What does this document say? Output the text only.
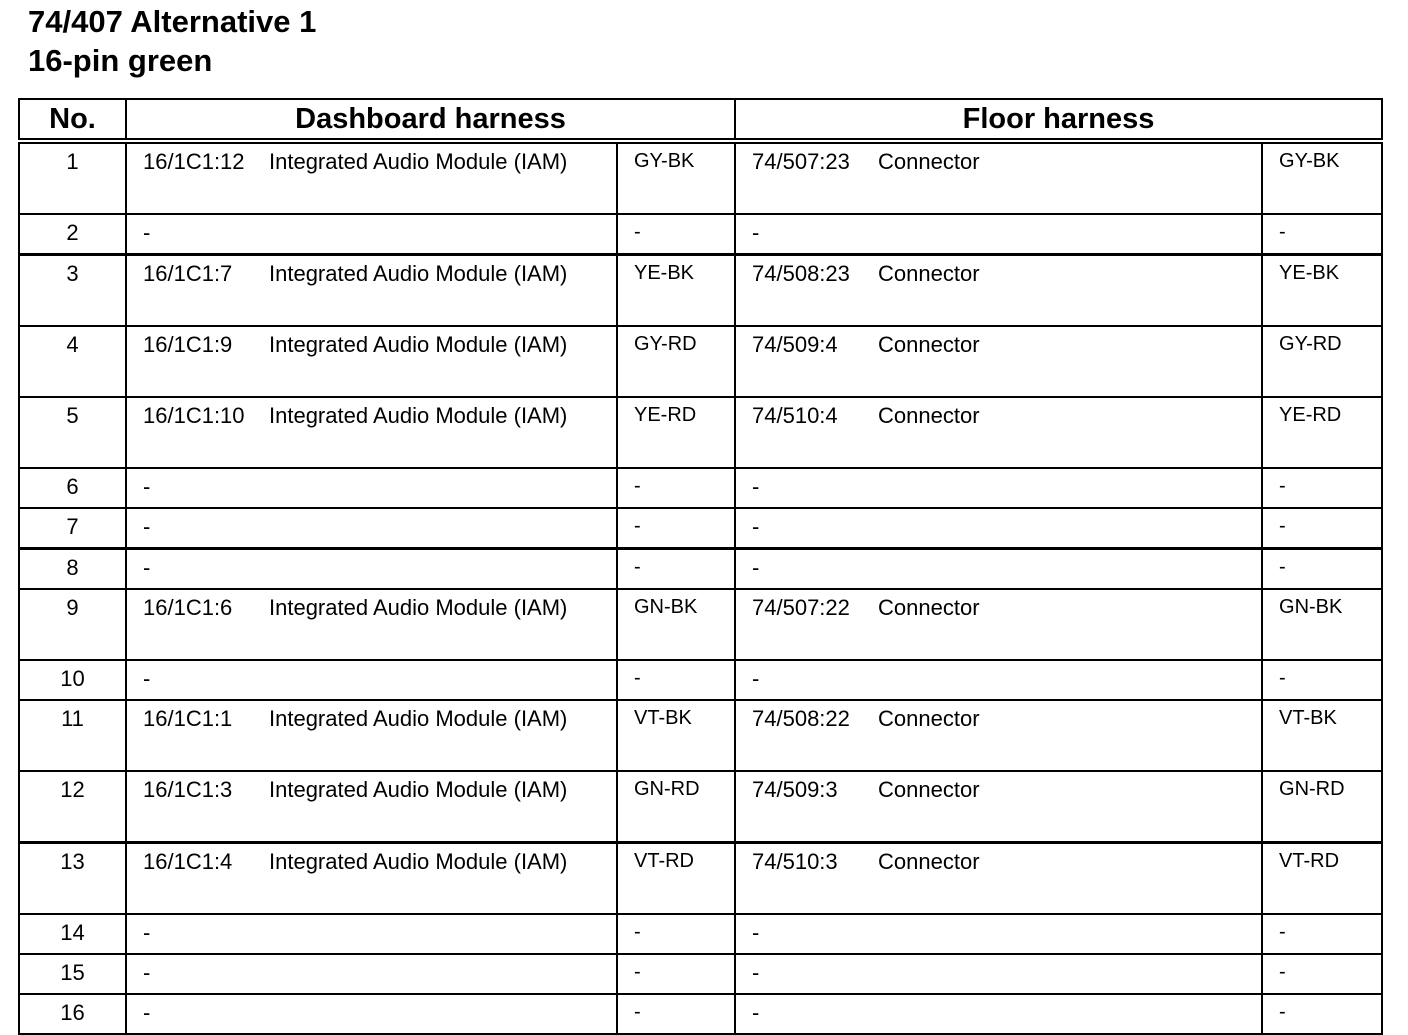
74/407 Alternative 1
16-pin green
No.	Dashboard harness		Floor harness	
1	16/1C1:12 Integrated Audio Module (IAM)	GY-BK	74/507:23 Connector	GY-BK
2	-	-	-	-
3	16/1C1:7 Integrated Audio Module (IAM)	YE-BK	74/508:23 Connector	YE-BK
4	16/1C1:9 Integrated Audio Module (IAM)	GY-RD	74/509:4 Connector	GY-RD
5	16/1C1:10 Integrated Audio Module (IAM)	YE-RD	74/510:4 Connector	YE-RD
6	-	-	-	-
7	-	-	-	-
8	-	-	-	-
9	16/1C1:6 Integrated Audio Module (IAM)	GN-BK	74/507:22 Connector	GN-BK
10	-	-	-	-
11	16/1C1:1 Integrated Audio Module (IAM)	VT-BK	74/508:22 Connector	VT-BK
12	16/1C1:3 Integrated Audio Module (IAM)	GN-RD	74/509:3 Connector	GN-RD
13	16/1C1:4 Integrated Audio Module (IAM)	VT-RD	74/510:3 Connector	VT-RD
14	-	-	-	-
15	-	-	-	-
16	-	-	-	-
